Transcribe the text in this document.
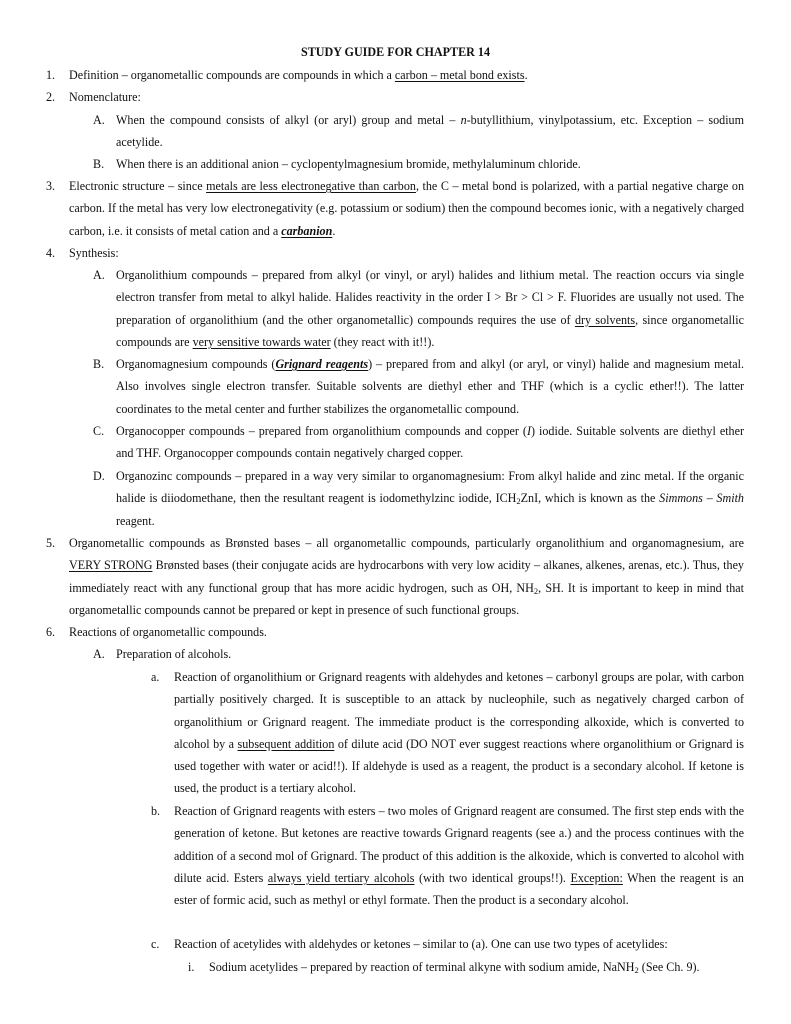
STUDY GUIDE FOR CHAPTER 14
1. Definition – organometallic compounds are compounds in which a carbon – metal bond exists.
2. Nomenclature:
A. When the compound consists of alkyl (or aryl) group and metal – n-butyllithium, vinylpotassium, etc. Exception – sodium acetylide.
B. When there is an additional anion – cyclopentylmagnesium bromide, methylaluminum chloride.
3. Electronic structure – since metals are less electronegative than carbon, the C – metal bond is polarized, with a partial negative charge on carbon. If the metal has very low electronegativity (e.g. potassium or sodium) then the compound becomes ionic, with a negatively charged carbon, i.e. it consists of metal cation and a carbanion.
4. Synthesis:
A. Organolithium compounds – prepared from alkyl (or vinyl, or aryl) halides and lithium metal. The reaction occurs via single electron transfer from metal to alkyl halide. Halides reactivity in the order I > Br > Cl > F. Fluorides are usually not used. The preparation of organolithium (and the other organometallic) compounds requires the use of dry solvents, since organometallic compounds are very sensitive towards water (they react with it!!).
B. Organomagnesium compounds (Grignard reagents) – prepared from and alkyl (or aryl, or vinyl) halide and magnesium metal. Also involves single electron transfer. Suitable solvents are diethyl ether and THF (which is a cyclic ether!!). The latter coordinates to the metal center and further stabilizes the organometallic compound.
C. Organocopper compounds – prepared from organolithium compounds and copper (I) iodide. Suitable solvents are diethyl ether and THF. Organocopper compounds contain negatively charged copper.
D. Organozinc compounds – prepared in a way very similar to organomagnesium: From alkyl halide and zinc metal. If the organic halide is diiodomethane, then the resultant reagent is iodomethylzinc iodide, $ICH_2ZnI$, which is known as the Simmons – Smith reagent.
5. Organometallic compounds as Brønsted bases – all organometallic compounds, particularly organolithium and organomagnesium, are VERY STRONG Brønsted bases (their conjugate acids are hydrocarbons with very low acidity – alkanes, alkenes, arenas, etc.). Thus, they immediately react with any functional group that has more acidic hydrogen, such as OH, $NH_2$, SH. It is important to keep in mind that organometallic compounds cannot be prepared or kept in presence of such functional groups.
6. Reactions of organometallic compounds.
A. Preparation of alcohols.
a. Reaction of organolithium or Grignard reagents with aldehydes and ketones – carbonyl groups are polar, with carbon partially positively charged. It is susceptible to an attack by nucleophile, such as negatively charged carbon of organolithium or Grignard reagent. The immediate product is the corresponding alkoxide, which is converted to alcohol by a subsequent addition of dilute acid (DO NOT ever suggest reactions where organolithium or Grignard is used together with water or acid!!). If aldehyde is used as a reagent, the product is a secondary alcohol. If ketone is used, the product is a tertiary alcohol.
b. Reaction of Grignard reagents with esters – two moles of Grignard reagent are consumed. The first step ends with the generation of ketone. But ketones are reactive towards Grignard reagents (see a.) and the process continues with the addition of a second mol of Grignard. The product of this addition is the alkoxide, which is converted to alcohol with dilute acid. Esters always yield tertiary alcohols (with two identical groups!!). Exception: When the reagent is an ester of formic acid, such as methyl or ethyl formate. Then the product is a secondary alcohol.
c. Reaction of acetylides with aldehydes or ketones – similar to (a). One can use two types of acetylides:
i. Sodium acetylides – prepared by reaction of terminal alkyne with sodium amide, NaNH$_2$ (See Ch. 9).
